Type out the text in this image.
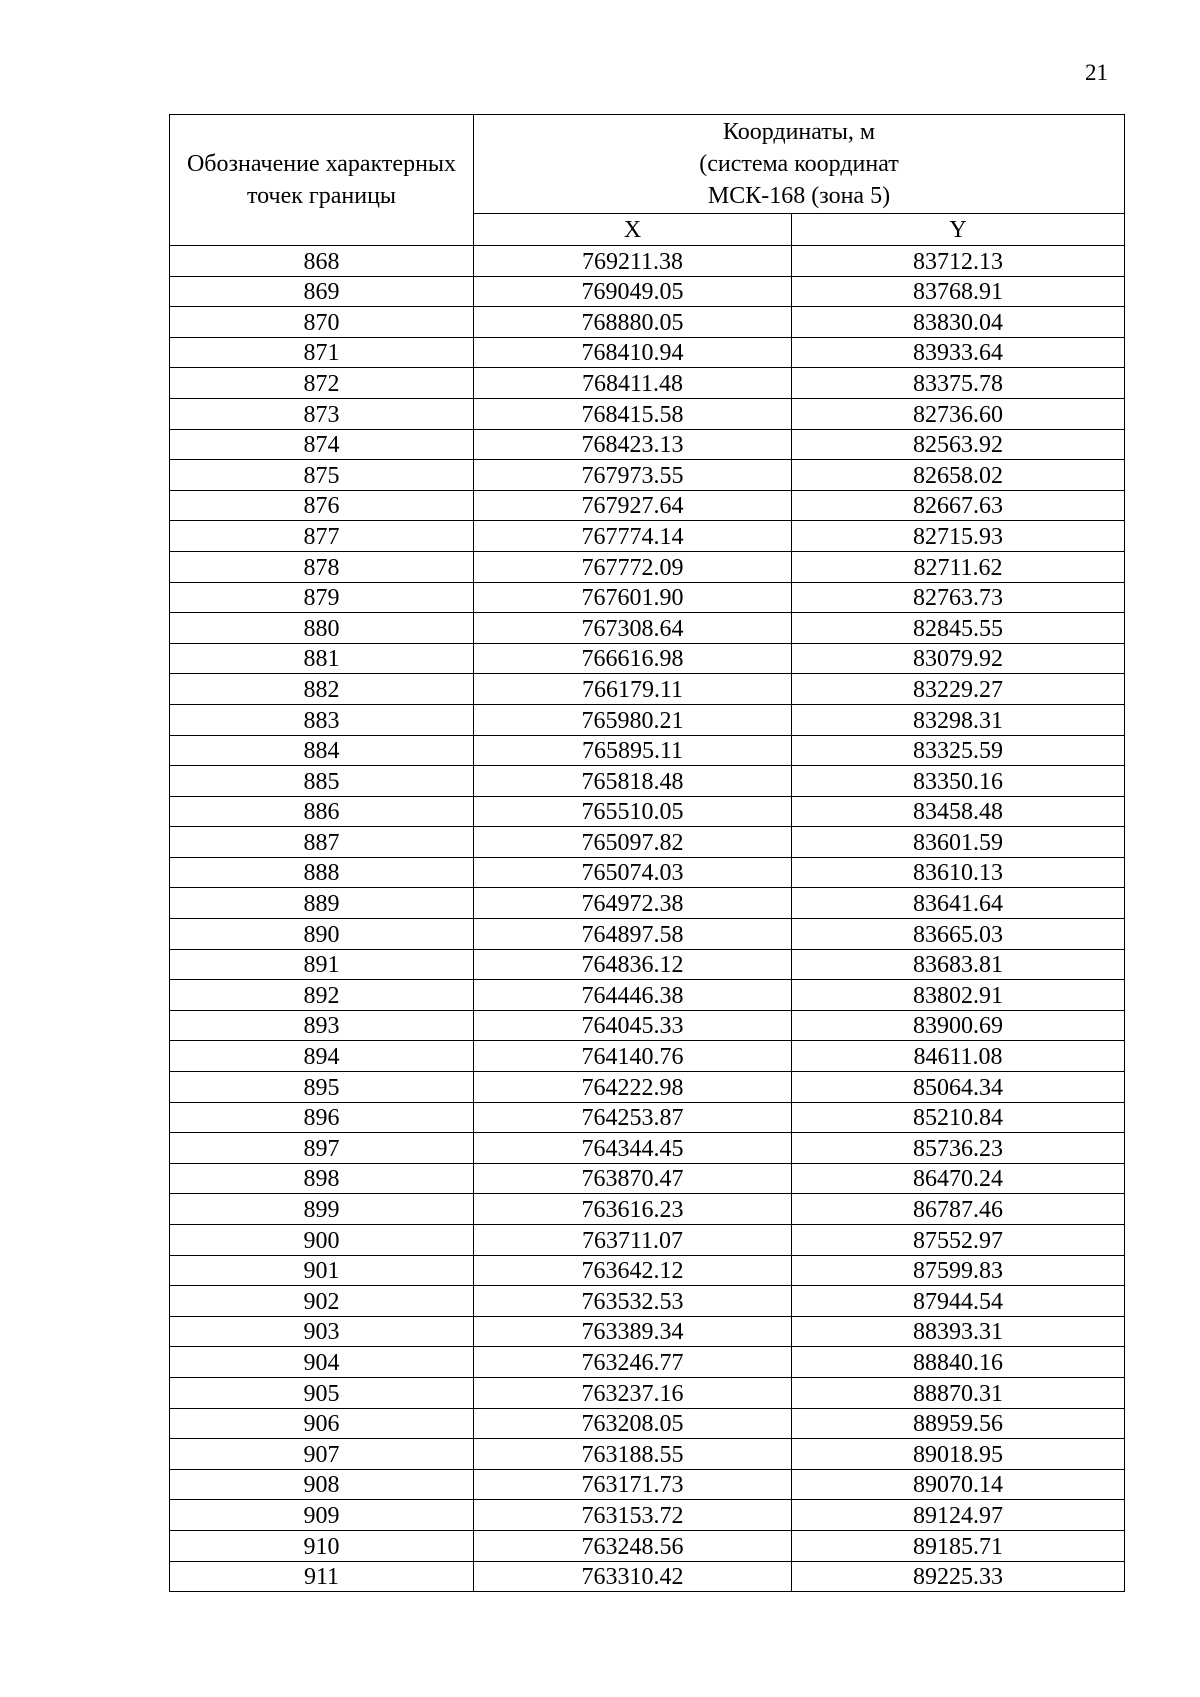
21
Обозначение характерных точек границы	Координаты, м
(система координат
МСК-168 (зона 5)	

	X	Y
868	769211.38	83712.13
869	769049.05	83768.91
870	768880.05	83830.04
871	768410.94	83933.64
872	768411.48	83375.78
873	768415.58	82736.60
874	768423.13	82563.92
875	767973.55	82658.02
876	767927.64	82667.63
877	767774.14	82715.93
878	767772.09	82711.62
879	767601.90	82763.73
880	767308.64	82845.55
881	766616.98	83079.92
882	766179.11	83229.27
883	765980.21	83298.31
884	765895.11	83325.59
885	765818.48	83350.16
886	765510.05	83458.48
887	765097.82	83601.59
888	765074.03	83610.13
889	764972.38	83641.64
890	764897.58	83665.03
891	764836.12	83683.81
892	764446.38	83802.91
893	764045.33	83900.69
894	764140.76	84611.08
895	764222.98	85064.34
896	764253.87	85210.84
897	764344.45	85736.23
898	763870.47	86470.24
899	763616.23	86787.46
900	763711.07	87552.97
901	763642.12	87599.83
902	763532.53	87944.54
903	763389.34	88393.31
904	763246.77	88840.16
905	763237.16	88870.31
906	763208.05	88959.56
907	763188.55	89018.95
908	763171.73	89070.14
909	763153.72	89124.97
910	763248.56	89185.71
911	763310.42	89225.33
